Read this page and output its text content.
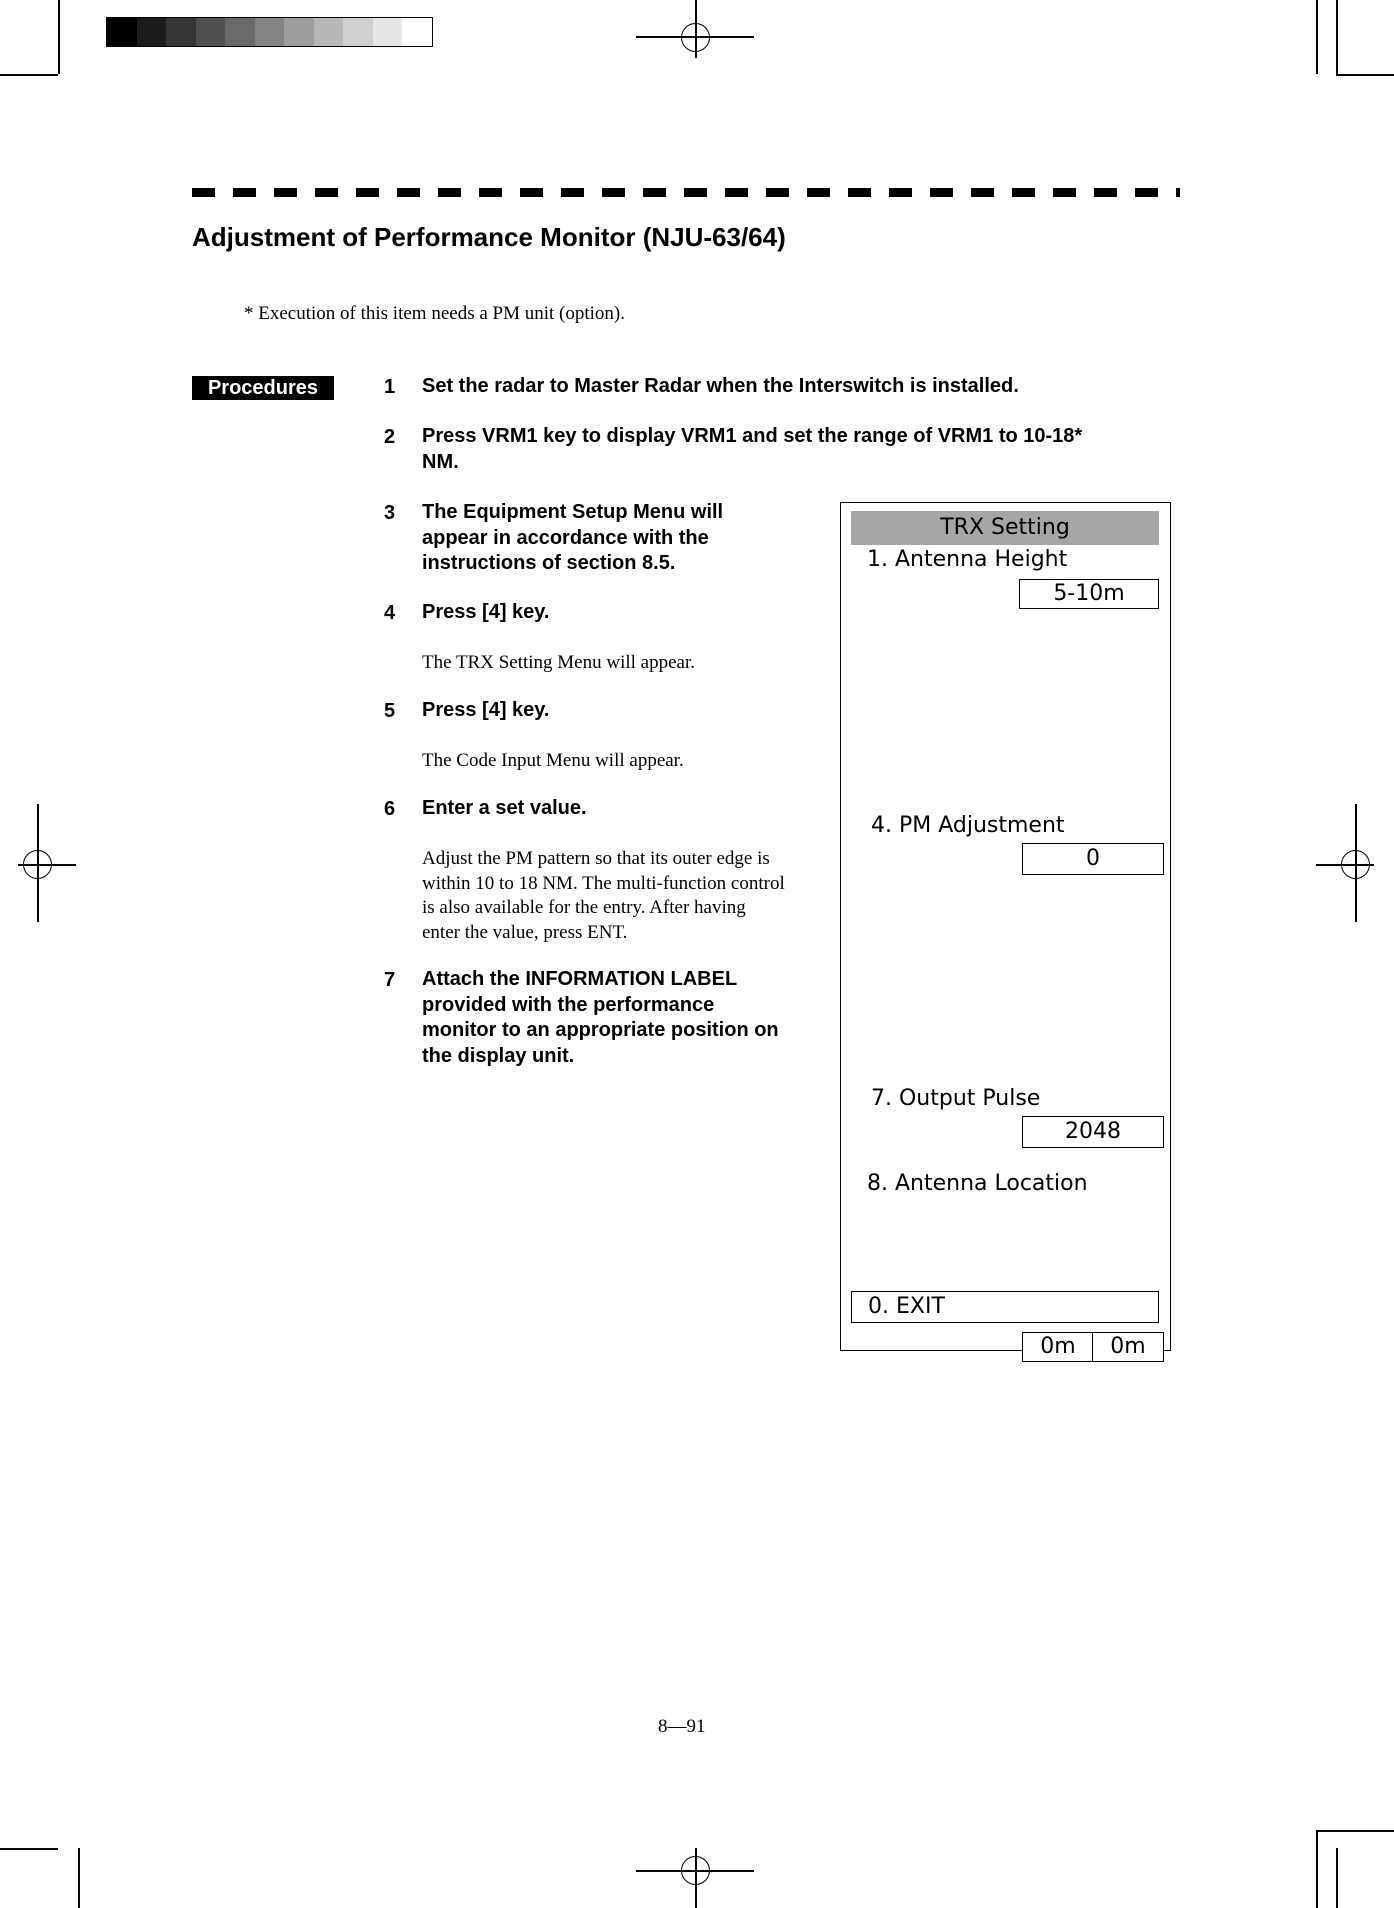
Adjustment of Performance Monitor (NJU-63/64)
* Execution of this item needs a PM unit (option).
Procedures	1 Set the radar to Master Radar when the Interswitch is installed.
2 Press VRM1 key to display VRM1 and set the range of VRM1 to 10-18*
NM.
3 The Equipment Setup Menu will
appear in accordance with the
instructions of section 8.5.
4 Press [4] key.
The TRX Setting Menu will appear.
5 Press [4] key.
The Code Input Menu will appear.
6 Enter a set value.
Adjust the PM pattern so that its outer edge is
within 10 to 18 NM. The multi-function control
is also available for the entry. After having
enter the value, press ENT.
7 Attach the INFORMATION LABEL
provided with the performance
monitor to an appropriate position on
the display unit.
TRX Setting
1. Antenna Height
5-10m
4. PM Adjustment
0
7. Output Pulse
2048
8. Antenna Location
0. EXIT
0m	0m
8—91
